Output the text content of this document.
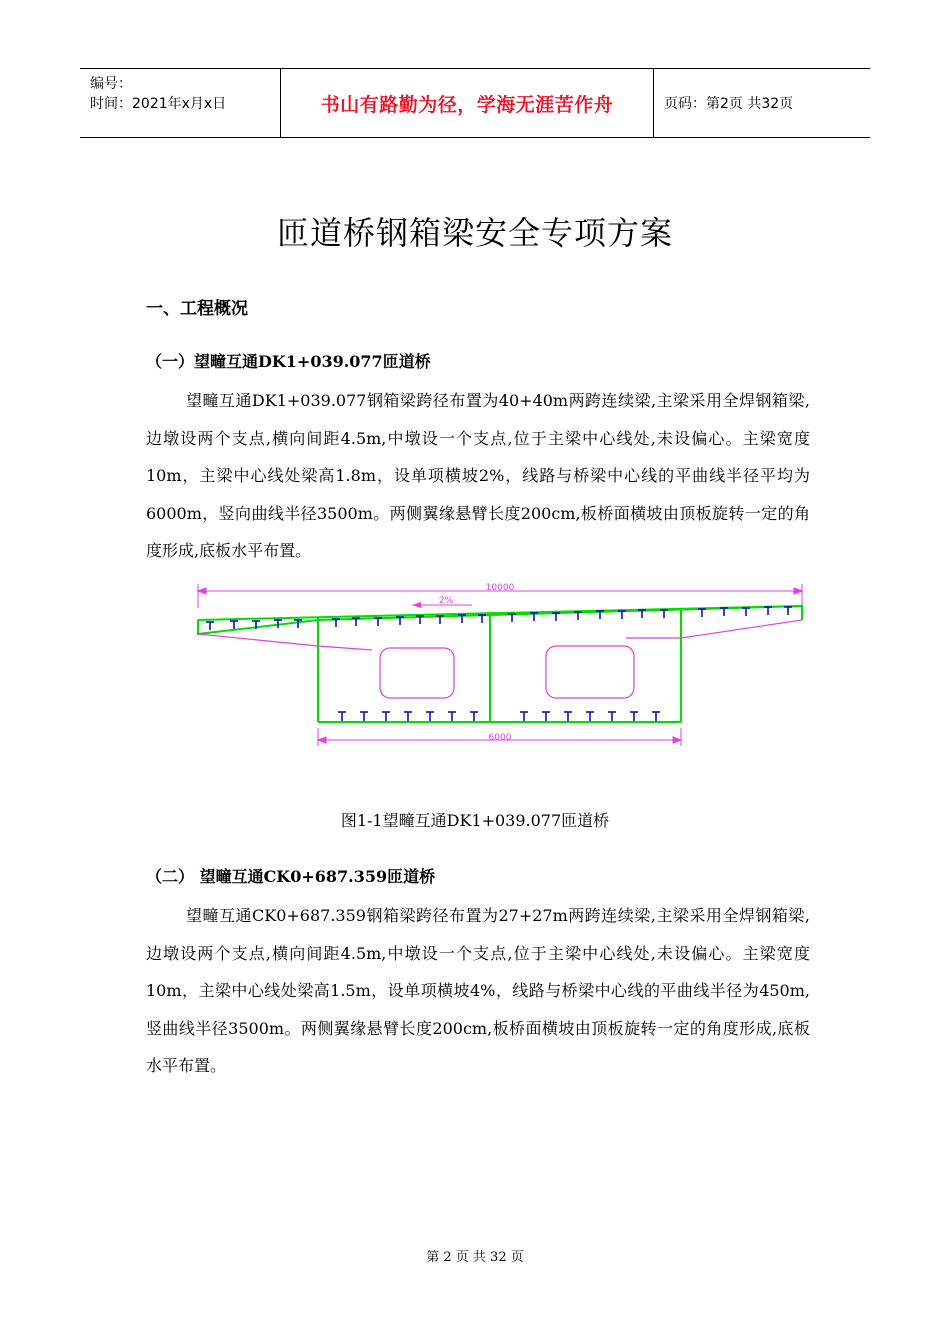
编号：
时间：2021年x月x日	书山有路勤为径，学海无涯苦作舟	页码：第2页 共32页
匝道桥钢箱梁安全专项方案
一、工程概况
（一）望疃互通DK1+039.077匝道桥
望疃互通DK1+039.077钢箱梁跨径布置为40+40m两跨连续梁,主梁采用全焊钢箱梁,边墩设两个支点,横向间距4.5m,中墩设一个支点,位于主梁中心线处,未设偏心。主梁宽度10m，主梁中心线处梁高1.8m，设单项横坡2%，线路与桥梁中心线的平曲线半径平均为6000m，竖向曲线半径3500m。两侧翼缘悬臂长度200cm,板桥面横坡由顶板旋转一定的角度形成,底板水平布置。
10000
2%
6000
图1-1望疃互通DK1+039.077匝道桥
（二） 望疃互通CK0+687.359匝道桥
望疃互通CK0+687.359钢箱梁跨径布置为27+27m两跨连续梁,主梁采用全焊钢箱梁,边墩设两个支点,横向间距4.5m,中墩设一个支点,位于主梁中心线处,未设偏心。主梁宽度10m，主梁中心线处梁高1.5m，设单项横坡4%，线路与桥梁中心线的平曲线半径为450m,竖曲线半径3500m。两侧翼缘悬臂长度200cm,板桥面横坡由顶板旋转一定的角度形成,底板水平布置。
第 2 页 共 32 页
